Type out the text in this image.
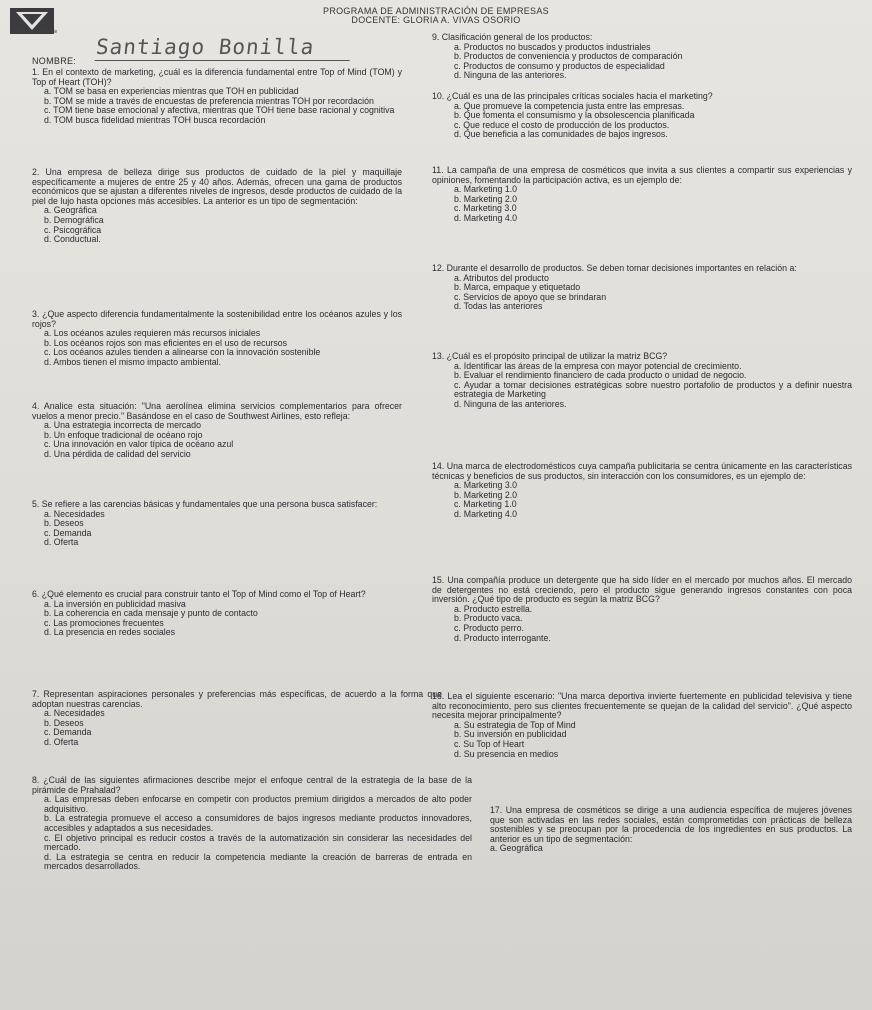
Universidad del Valle
PROGRAMA DE ADMINISTRACIÓN DE EMPRESAS
DOCENTE: GLORIA A. VIVAS OSORIO
NOMBRE:
Santiago Bonilla
1. En el contexto de marketing, ¿cuál es la diferencia fundamental entre Top of Mind (TOM) y Top of Heart (TOH)?
a. TOM se basa en experiencias mientras que TOH en publicidad
b. TOM se mide a través de encuestas de preferencia mientras TOH por recordación
c. TOM tiene base emocional y afectiva, mientras que TOH tiene base racional y cognitiva
d. TOM busca fidelidad mientras TOH busca recordación
2. Una empresa de belleza dirige sus productos de cuidado de la piel y maquillaje específicamente a mujeres de entre 25 y 40 años. Además, ofrecen una gama de productos económicos que se ajustan a diferentes niveles de ingresos, desde productos de cuidado de la piel de lujo hasta opciones más accesibles. La anterior es un tipo de segmentación:
a. Geográfica
b. Demográfica
c. Psicográfica
d. Conductual.
3. ¿Que aspecto diferencia fundamentalmente la sostenibilidad entre los océanos azules y los rojos?
a. Los océanos azules requieren más recursos iniciales
b. Los océanos rojos son mas eficientes en el uso de recursos
c. Los océanos azules tienden a alinearse con la innovación sostenible
d. Ambos tienen el mismo impacto ambiental.
4. Analice esta situación: "Una aerolínea elimina servicios complementarios para ofrecer vuelos a menor precio." Basándose en el caso de Southwest Airlines, esto refleja:
a. Una estrategia incorrecta de mercado
b. Un enfoque tradicional de océano rojo
c. Una innovación en valor típica de océano azul
d. Una pérdida de calidad del servicio
5. Se refiere a las carencias básicas y fundamentales que una persona busca satisfacer:
a. Necesidades
b. Deseos
c. Demanda
d. Oferta
6. ¿Qué elemento es crucial para construir tanto el Top of Mind como el Top of Heart?
a. La inversión en publicidad masiva
b. La coherencia en cada mensaje y punto de contacto
c. Las promociones frecuentes
d. La presencia en redes sociales
7. Representan aspiraciones personales y preferencias más específicas, de acuerdo a la forma que adoptan nuestras carencias.
a. Necesidades
b. Deseos
c. Demanda
d. Oferta
8. ¿Cuál de las siguientes afirmaciones describe mejor el enfoque central de la estrategia de la base de la pirámide de Prahalad?
a. Las empresas deben enfocarse en competir con productos premium dirigidos a mercados de alto poder adquisitivo.
b. La estrategia promueve el acceso a consumidores de bajos ingresos mediante productos innovadores, accesibles y adaptados a sus necesidades.
c. El objetivo principal es reducir costos a través de la automatización sin considerar las necesidades del mercado.
d. La estrategia se centra en reducir la competencia mediante la creación de barreras de entrada en mercados desarrollados.
9. Clasificación general de los productos:
a. Productos no buscados y productos industriales
b. Productos de conveniencia y productos de comparación
c. Productos de consumo y productos de especialidad
d. Ninguna de las anteriores.
10. ¿Cuál es una de las principales críticas sociales hacia el marketing?
a. Que promueve la competencia justa entre las empresas.
b. Que fomenta el consumismo y la obsolescencia planificada
c. Que reduce el costo de producción de los productos.
d. Que beneficia a las comunidades de bajos ingresos.
11. La campaña de una empresa de cosméticos que invita a sus clientes a compartir sus experiencias y opiniones, fomentando la participación activa, es un ejemplo de:
a. Marketing 1.0
b. Marketing 2.0
c. Marketing 3.0
d. Marketing 4.0
12. Durante el desarrollo de productos. Se deben tomar decisiones importantes en relación a:
a. Atributos del producto
b. Marca, empaque y etiquetado
c. Servicios de apoyo que se brindaran
d. Todas las anteriores
13. ¿Cuál es el propósito principal de utilizar la matriz BCG?
a. Identificar las áreas de la empresa con mayor potencial de crecimiento.
b. Evaluar el rendimiento financiero de cada producto o unidad de negocio.
c. Ayudar a tomar decisiones estratégicas sobre nuestro portafolio de productos y a definir nuestra estrategia de Marketing
d. Ninguna de las anteriores.
14. Una marca de electrodomésticos cuya campaña publicitaria se centra únicamente en las características técnicas y beneficios de sus productos, sin interacción con los consumidores, es un ejemplo de:
a. Marketing 3.0
b. Marketing 2.0
c. Marketing 1.0
d. Marketing 4.0
15. Una compañía produce un detergente que ha sido líder en el mercado por muchos años. El mercado de detergentes no está creciendo, pero el producto sigue generando ingresos constantes con poca inversión. ¿Qué tipo de producto es según la matriz BCG?
a. Producto estrella.
b. Producto vaca.
c. Producto perro.
d. Producto interrogante.
16. Lea el siguiente escenario: "Una marca deportiva invierte fuertemente en publicidad televisiva y tiene alto reconocimiento, pero sus clientes frecuentemente se quejan de la calidad del servicio". ¿Qué aspecto necesita mejorar principalmente?
a. Su estrategia de Top of Mind
b. Su inversión en publicidad
c. Su Top of Heart
d. Su presencia en medios
17. Una empresa de cosméticos se dirige a una audiencia específica de mujeres jóvenes que son activadas en las redes sociales, están comprometidas con prácticas de belleza sostenibles y se preocupan por la procedencia de los ingredientes en sus productos. La anterior es un tipo de segmentación:
a. Geográfica
